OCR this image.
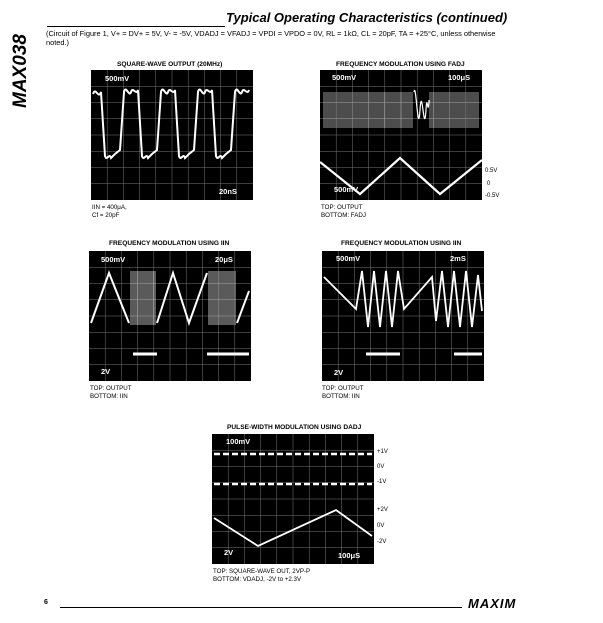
MAX038
Typical Operating Characteristics (continued)
(Circuit of Figure 1, V+ = DV+ = 5V, V- = -5V, VDADJ = VFADJ = VPDI = VPDO = 0V, RL = 1kΩ, CL = 20pF, TA = +25°C, unless otherwise noted.)
SQUARE-WAVE OUTPUT (20MHz)
500mV
20nS
IIN = 400μA,
Cf = 20pF
FREQUENCY MODULATION USING FADJ
500mV	100μS
500mV
0.5V
0
-0.5V
TOP: OUTPUT
BOTTOM: FADJ
FREQUENCY MODULATION USING IIN
500mV	20μS
2V
TOP: OUTPUT
BOTTOM: IIN
FREQUENCY MODULATION USING IIN
500mV	2mS
2V
TOP: OUTPUT
BOTTOM: IIN
PULSE-WIDTH MODULATION USING DADJ
100mV
100μS
2V
+1V
0V
-1V
+2V
0V
-2V
TOP: SQUARE-WAVE OUT, 2VP-P
BOTTOM: VDADJ, -2V to +2.3V
6	MAXIM
